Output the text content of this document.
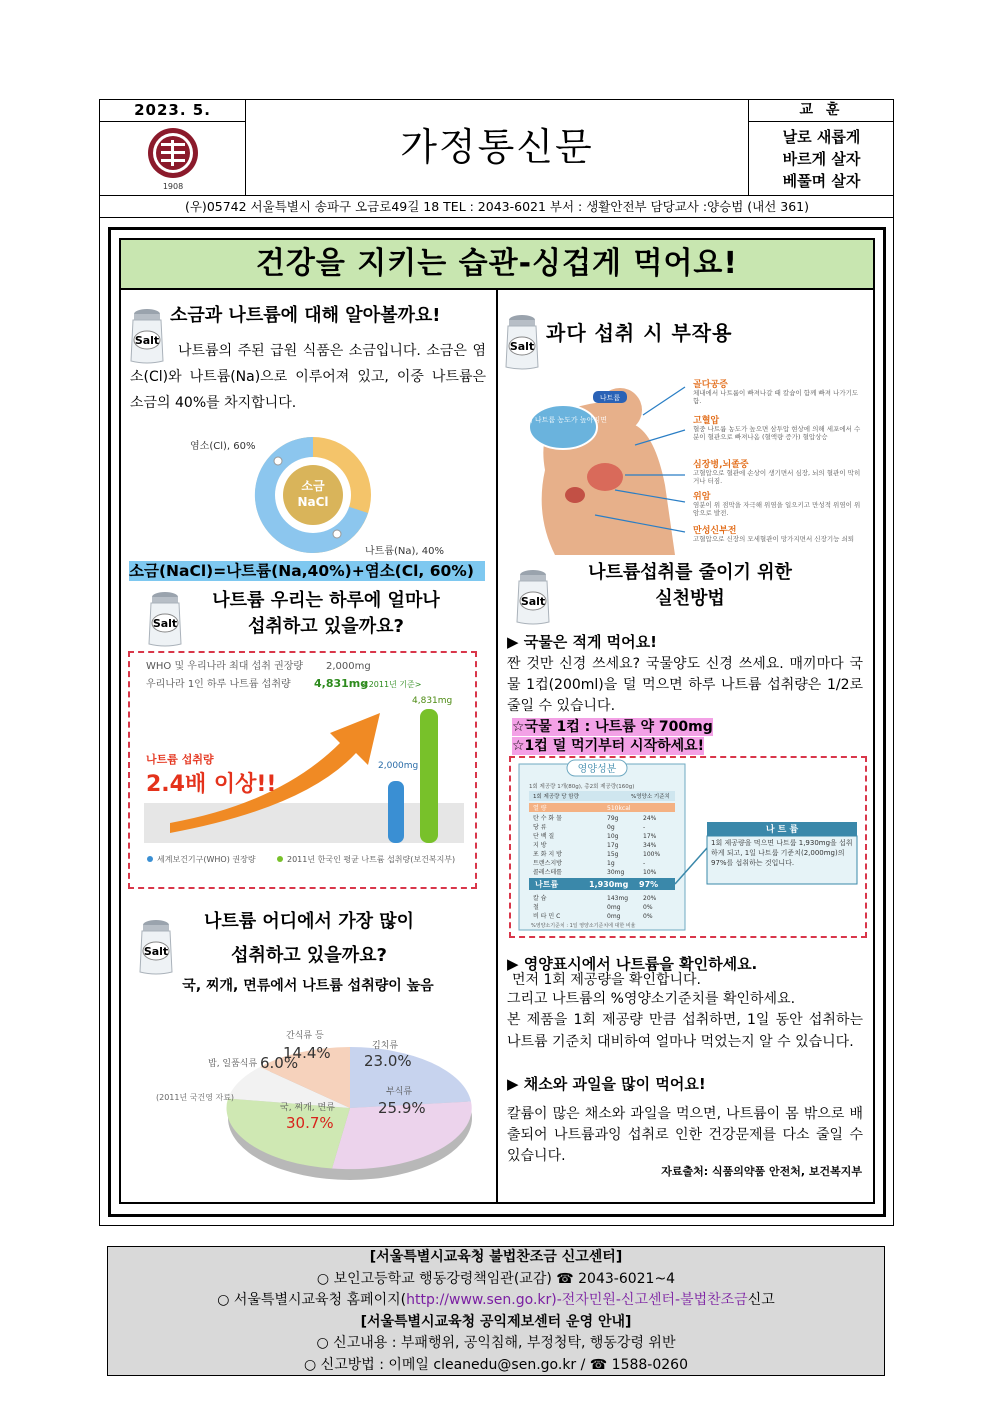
2023. 5.
1908
가정통신문
교 훈
날로 새롭게
바르게 살자
베풀며 살자
(우)05742 서울특별시 송파구 오금로49길 18 TEL : 2043-6021 부서 : 생활안전부 담당교사 :양승범 (내선 361)
건강을 지키는 습관-싱겁게 먹어요!
Salt
소금과 나트륨에 대해 알아볼까요!
나트륨의 주된 급원 식품은 소금입니다. 소금은 염소(Cl)와 나트륨(Na)으로 이루어져 있고, 이중 나트륨은 소금의 40%를 차지합니다.
소금
NaCl
염소(Cl), 60%
나트륨(Na), 40%
소금(NaCl)=나트륨(Na,40%)+염소(Cl, 60%)
Salt
나트륨 우리는 하루에 얼마나
섭취하고 있을까요?
WHO 및 우리나라 최대 섭취 권장량 2,000mg
우리나라 1인 하루 나트륨 섭취량 4,831mg
<2011년 기준>
2,000mg
4,831mg
나트륨 섭취량
2.4배 이상!!
세계보건기구(WHO) 권장량	2011년 한국인 평균 나트륨 섭취량(보건복지부)
Salt
나트륨 어디에서 가장 많이
섭취하고 있을까요?
국, 찌개, 면류에서 나트륨 섭취량이 높음
간식류 등
14.4%	김치류
23.0%
밥, 일품식류 6.0%
부식류
25.9%
국, 찌개, 면류
30.7%
(2011년 국건영 자료)
Salt
과다 섭취 시 부작용
나트륨
체내 나트륨 농도가 높아지면
골다공증
체내에서 나트륨이 빠져나갈 때 칼슘이 함께 빠져 나가기도 함.
고혈압
혈중 나트륨 농도가 높으면 삼투압 현상에 의해 세포에서 수분이 혈관으로 빠져나옴 (혈액량 증가) 혈압상승
심장병,뇌졸중
고혈압으로 혈관에 손상이 생기면서 심장, 뇌의 혈관이 막히거나 터짐.
위암
염분이 위 점막을 자극해 위염을 일으키고 만성적 위염이 위암으로 발전.
만성신부전
고혈압으로 신장의 모세혈관이 망가지면서 신장기능 쇠퇴
Salt
나트륨섭취를 줄이기 위한
실천방법
▶ 국물은 적게 먹어요!
짠 것만 신경 쓰세요? 국물양도 신경 쓰세요. 매끼마다 국물 1컵(200ml)을 덜 먹으면 하루 나트륨 섭취량은 1/2로 줄일 수 있습니다.
☆국물 1컵 : 나트륨 약 700mg
☆1컵 덜 먹기부터 시작하세요!
영양성분
1회 제공량 1개(80g), 총2회 제공량(160g)
1회 제공량 당 함량	%영양소 기준치
열 량	510kcal
탄 수 화 물	79g	24%
당 류	0g	-
단 백 질	10g	17%
지 방	17g	34%
포 화 지 방	15g	100%
트랜스지방	1g	-
콜레스테롤	30mg	10%
나트륨	1,930mg 97%
칼 슘	143mg 20%
철	0mg	0%
비 타 민 C	0mg	0%
%영양소기준치 : 1일 영양소기준치에 대한 비율
나 트 륨
1회 제공량을 먹으면 나트륨 1,930mg을 섭취하게 되고, 1일 나트륨 기준치(2,000mg)의 97%를 섭취하는 것입니다.
▶ 영양표시에서 나트륨을 확인하세요.
먼저 1회 제공량을 확인합니다.
그리고 나트륨의 %영양소기준치를 확인하세요.
본 제품을 1회 제공량 만큼 섭취하면, 1일 동안 섭취하는 나트륨 기준치 대비하여 얼마나 먹었는지 알 수 있습니다.
▶ 채소와 과일을 많이 먹어요!
칼륨이 많은 채소와 과일을 먹으면, 나트륨이 몸 밖으로 배출되어 나트륨과잉 섭취로 인한 건강문제를 다소 줄일 수 있습니다.
자료출처: 식품의약품 안전처, 보건복지부
[서울특별시교육청 불법찬조금 신고센터]
○ 보인고등학교 행동강령책임관(교감) ☎ 2043-6021~4
○ 서울특별시교육청 홈페이지(http://www.sen.go.kr)-전자민원-신고센터-불법찬조금신고
[서울특별시교육청 공익제보센터 운영 안내]
○ 신고내용 : 부패행위, 공익침해, 부정청탁, 행동강령 위반
○ 신고방법 : 이메일 cleanedu@sen.go.kr / ☎ 1588-0260
